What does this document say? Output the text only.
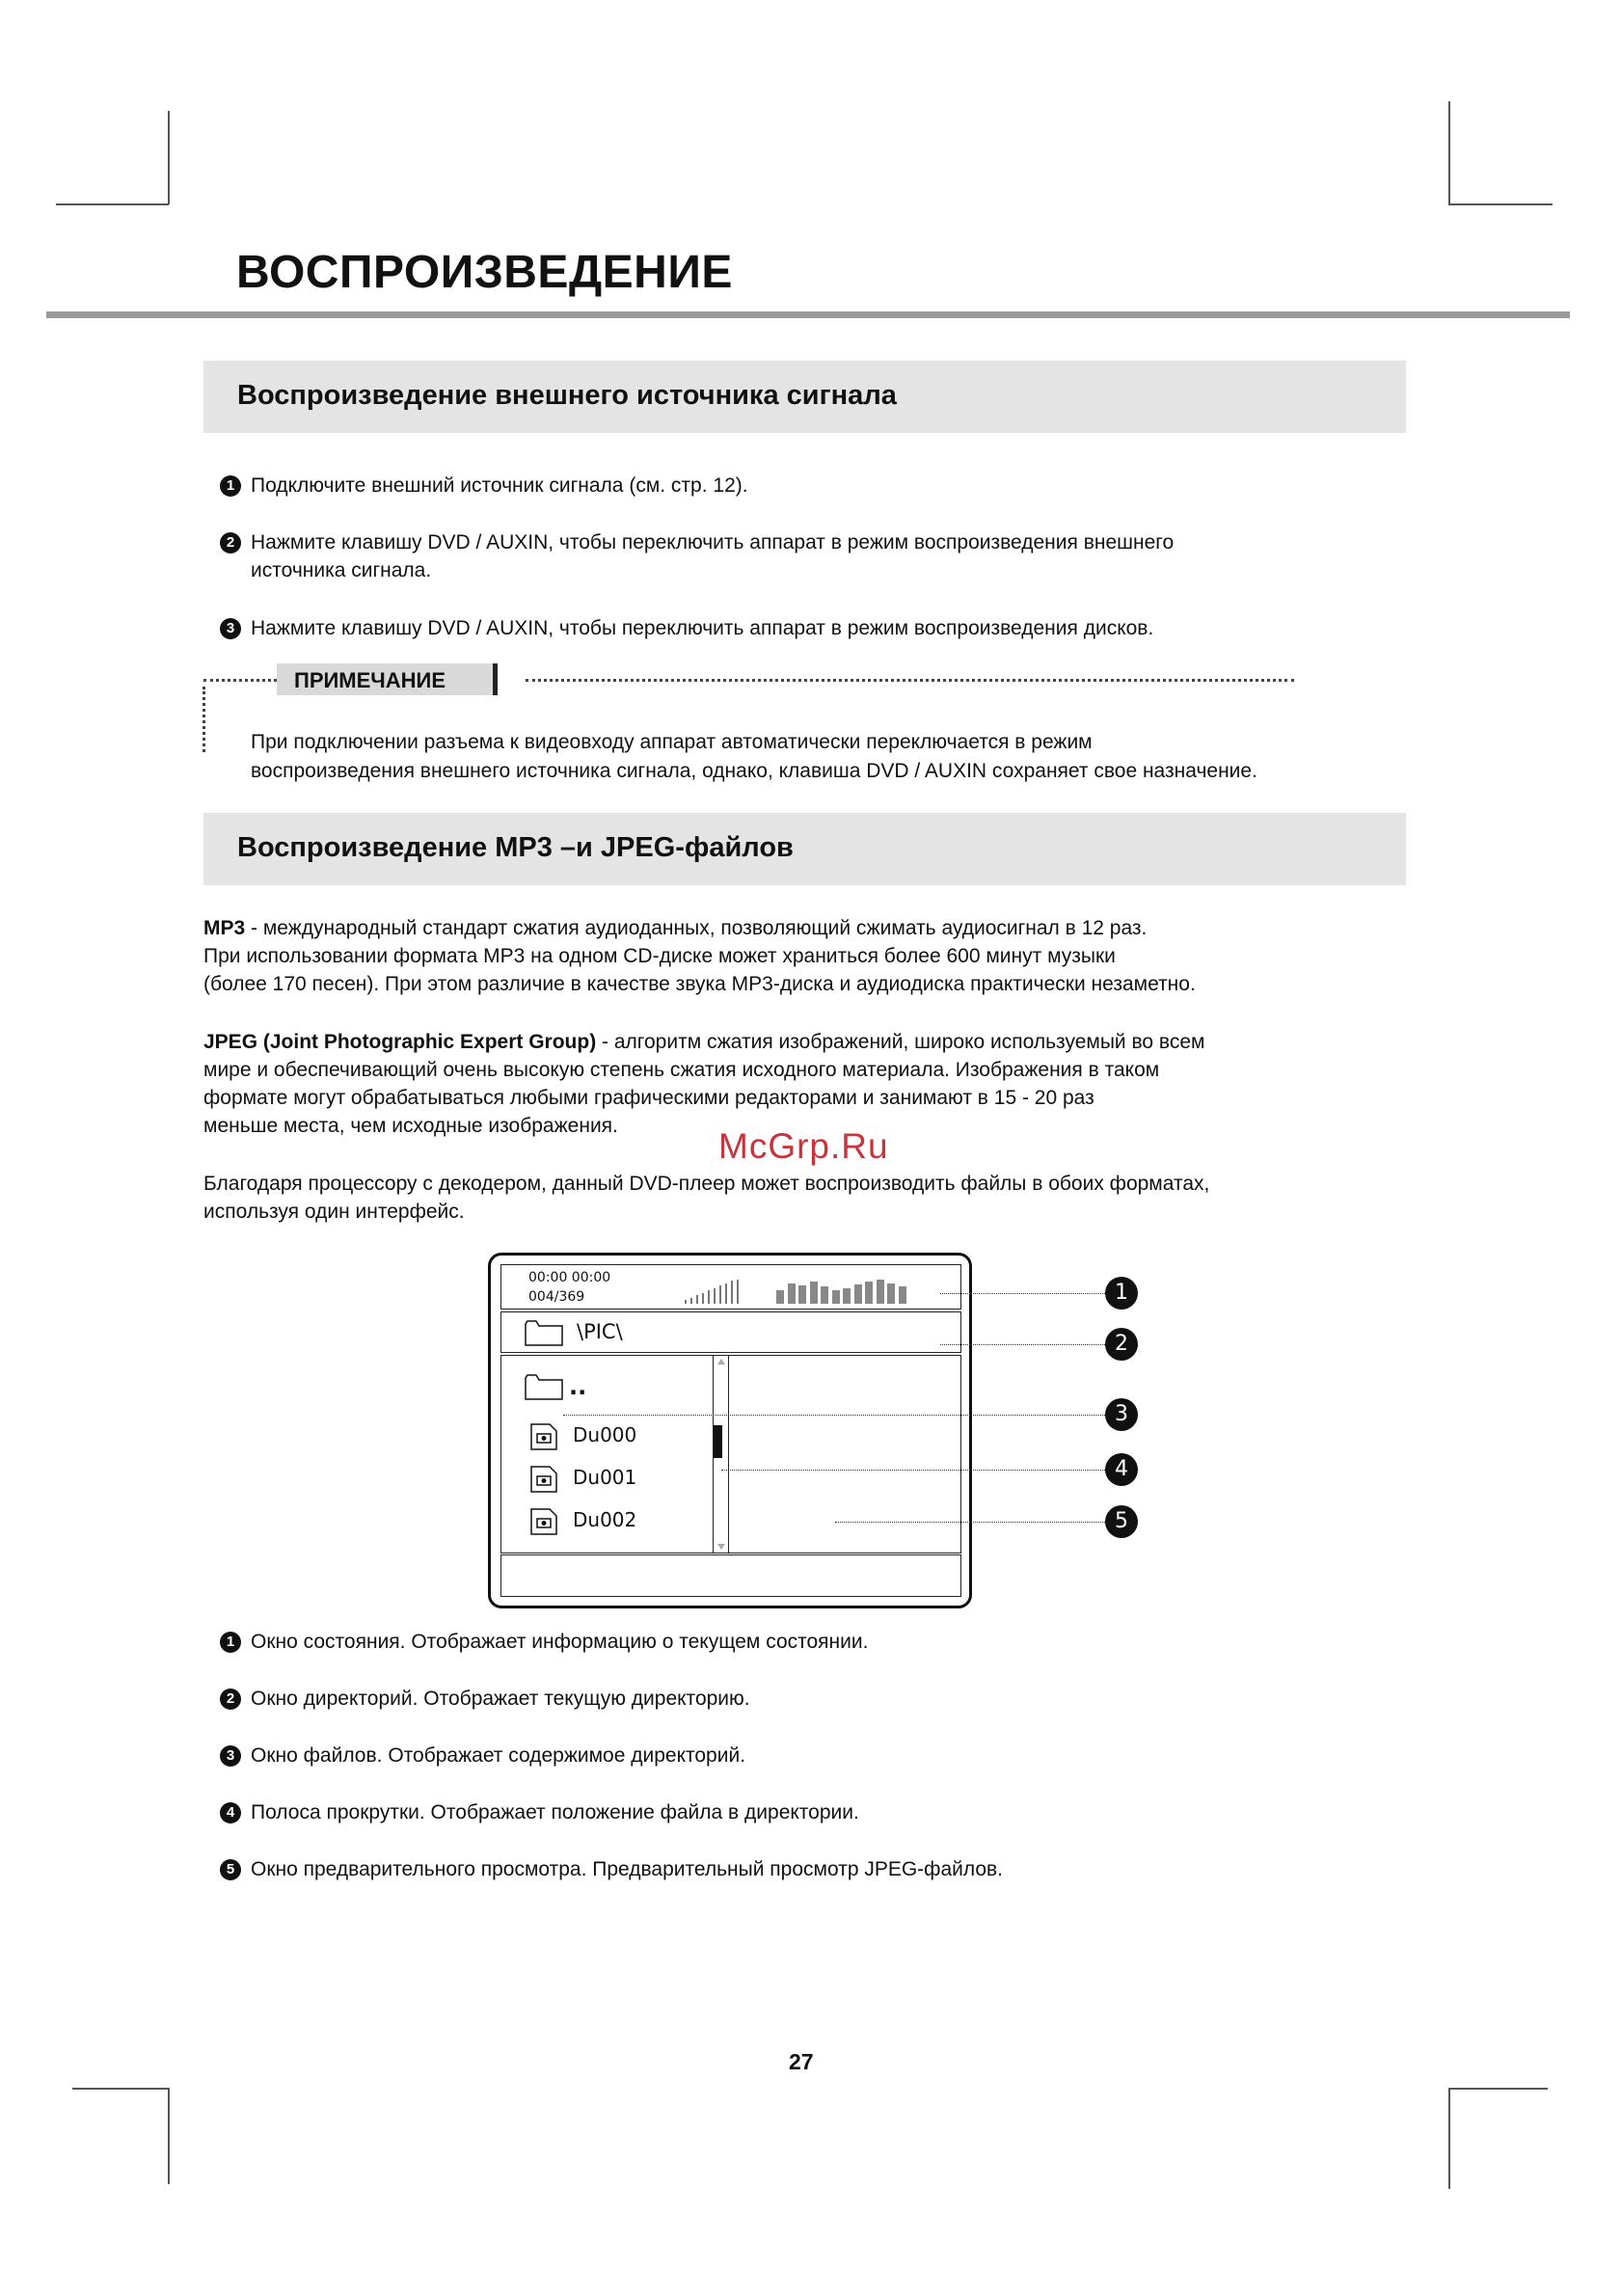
ВОСПРОИЗВЕДЕНИЕ
Воспроизведение внешнего источника сигнала
1 Подключите внешний источник сигнала (см. стр. 12).
2 Нажмите клавишу DVD / AUXIN, чтобы переключить аппарат в режим воспроизведения внешнего
источника сигнала.
3 Нажмите клавишу DVD / AUXIN, чтобы переключить аппарат в режим воспроизведения дисков.
ПРИМЕЧАНИЕ
При подключении разъема к видеовходу аппарат автоматически переключается в режим
воспроизведения внешнего источника сигнала, однако, клавиша DVD / AUXIN сохраняет свое назначение.
Воспроизведение MP3 –и JPEG-файлов
MP3 - международный стандарт сжатия аудиоданных, позволяющий сжимать аудиосигнал в 12 раз.
При использовании формата MP3 на одном CD-диске может храниться более 600 минут музыки
(более 170 песен). При этом различие в качестве звука MP3-диска и аудиодиска практически незаметно.
JPEG (Joint Photographic Expert Group) - алгоритм сжатия изображений, широко используемый во всем
мире и обеспечивающий очень высокую степень сжатия исходного материала. Изображения в таком
формате могут обрабатываться любыми графическими редакторами и занимают в 15 - 20 раз
меньше места, чем исходные изображения.
McGrp.Ru
Благодаря процессору с декодером, данный DVD-плеер может воспроизводить файлы в обоих форматах,
используя один интерфейс.
00:00 00:00
004/369
\PIC\
..
Du000
Du001
Du002
1
2
3
4
5
1 Окно состояния. Отображает информацию о текущем состоянии.
2 Окно директорий. Отображает текущую директорию.
3 Окно файлов. Отображает содержимое директорий.
4 Полоса прокрутки. Отображает положение файла в директории.
5 Окно предварительного просмотра. Предварительный просмотр JPEG-файлов.
27
